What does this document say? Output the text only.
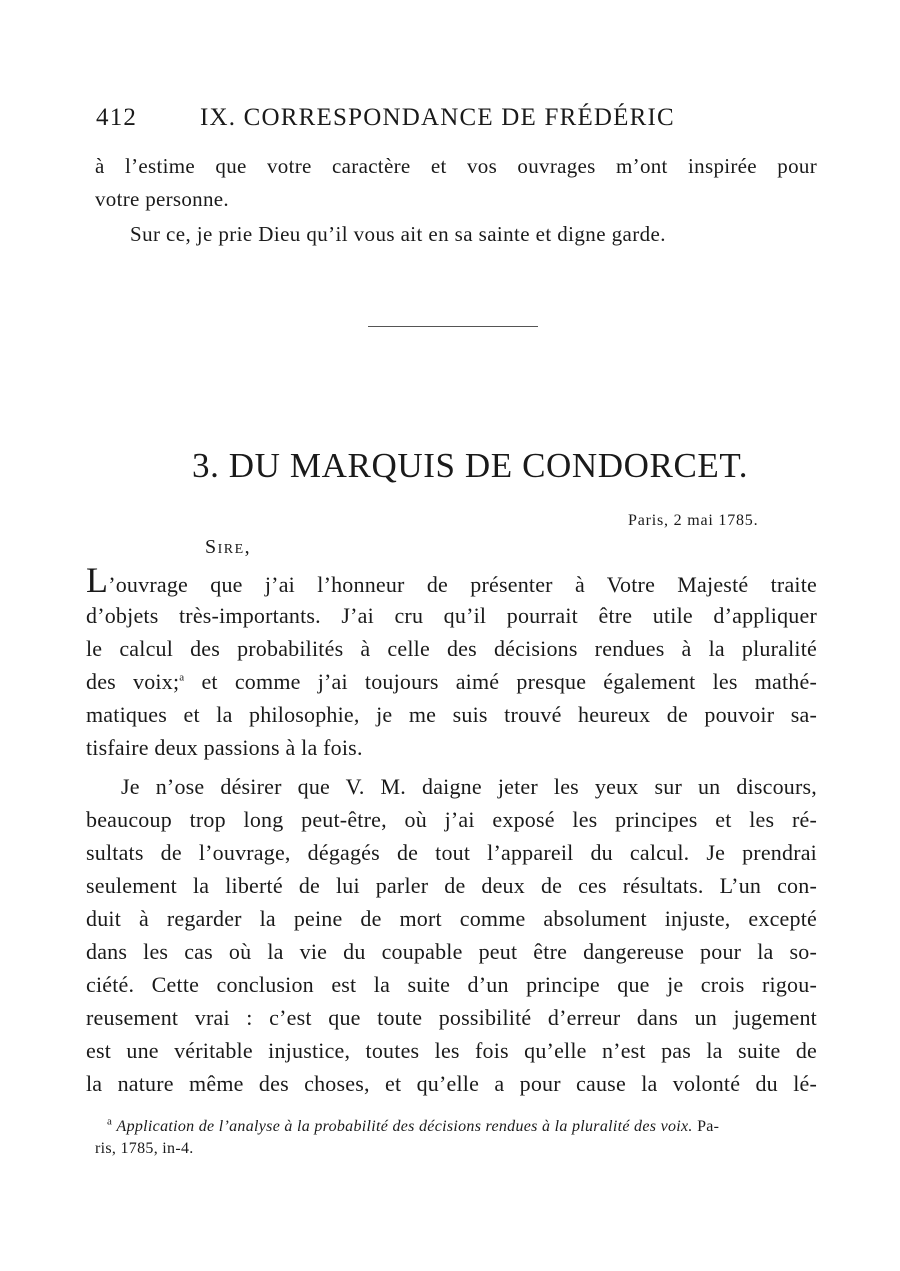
412	IX. CORRESPONDANCE DE FRÉDÉRIC
à l’estime que votre caractère et vos ouvrages m’ont inspirée pour
votre personne.
Sur ce, je prie Dieu qu’il vous ait en sa sainte et digne garde.
3. DU MARQUIS DE CONDORCET.
Paris, 2 mai 1785.
Sire,
L’ouvrage que j’ai l’honneur de présenter à Votre Majesté traite
d’objets très-importants. J’ai cru qu’il pourrait être utile d’appliquer
le calcul des probabilités à celle des décisions rendues à la pluralité
des voix;$^a$ et comme j’ai toujours aimé presque également les mathé-
matiques et la philosophie, je me suis trouvé heureux de pouvoir sa-
tisfaire deux passions à la fois.
Je n’ose désirer que V. M. daigne jeter les yeux sur un discours,
beaucoup trop long peut-être, où j’ai exposé les principes et les ré-
sultats de l’ouvrage, dégagés de tout l’appareil du calcul. Je prendrai
seulement la liberté de lui parler de deux de ces résultats. L’un con-
duit à regarder la peine de mort comme absolument injuste, excepté
dans les cas où la vie du coupable peut être dangereuse pour la so-
ciété. Cette conclusion est la suite d’un principe que je crois rigou-
reusement vrai : c’est que toute possibilité d’erreur dans un jugement
est une véritable injustice, toutes les fois qu’elle n’est pas la suite de
la nature même des choses, et qu’elle a pour cause la volonté du lé-
$^a$ Application de l’analyse à la probabilité des décisions rendues à la pluralité des voix. Pa-
ris, 1785, in-4.
